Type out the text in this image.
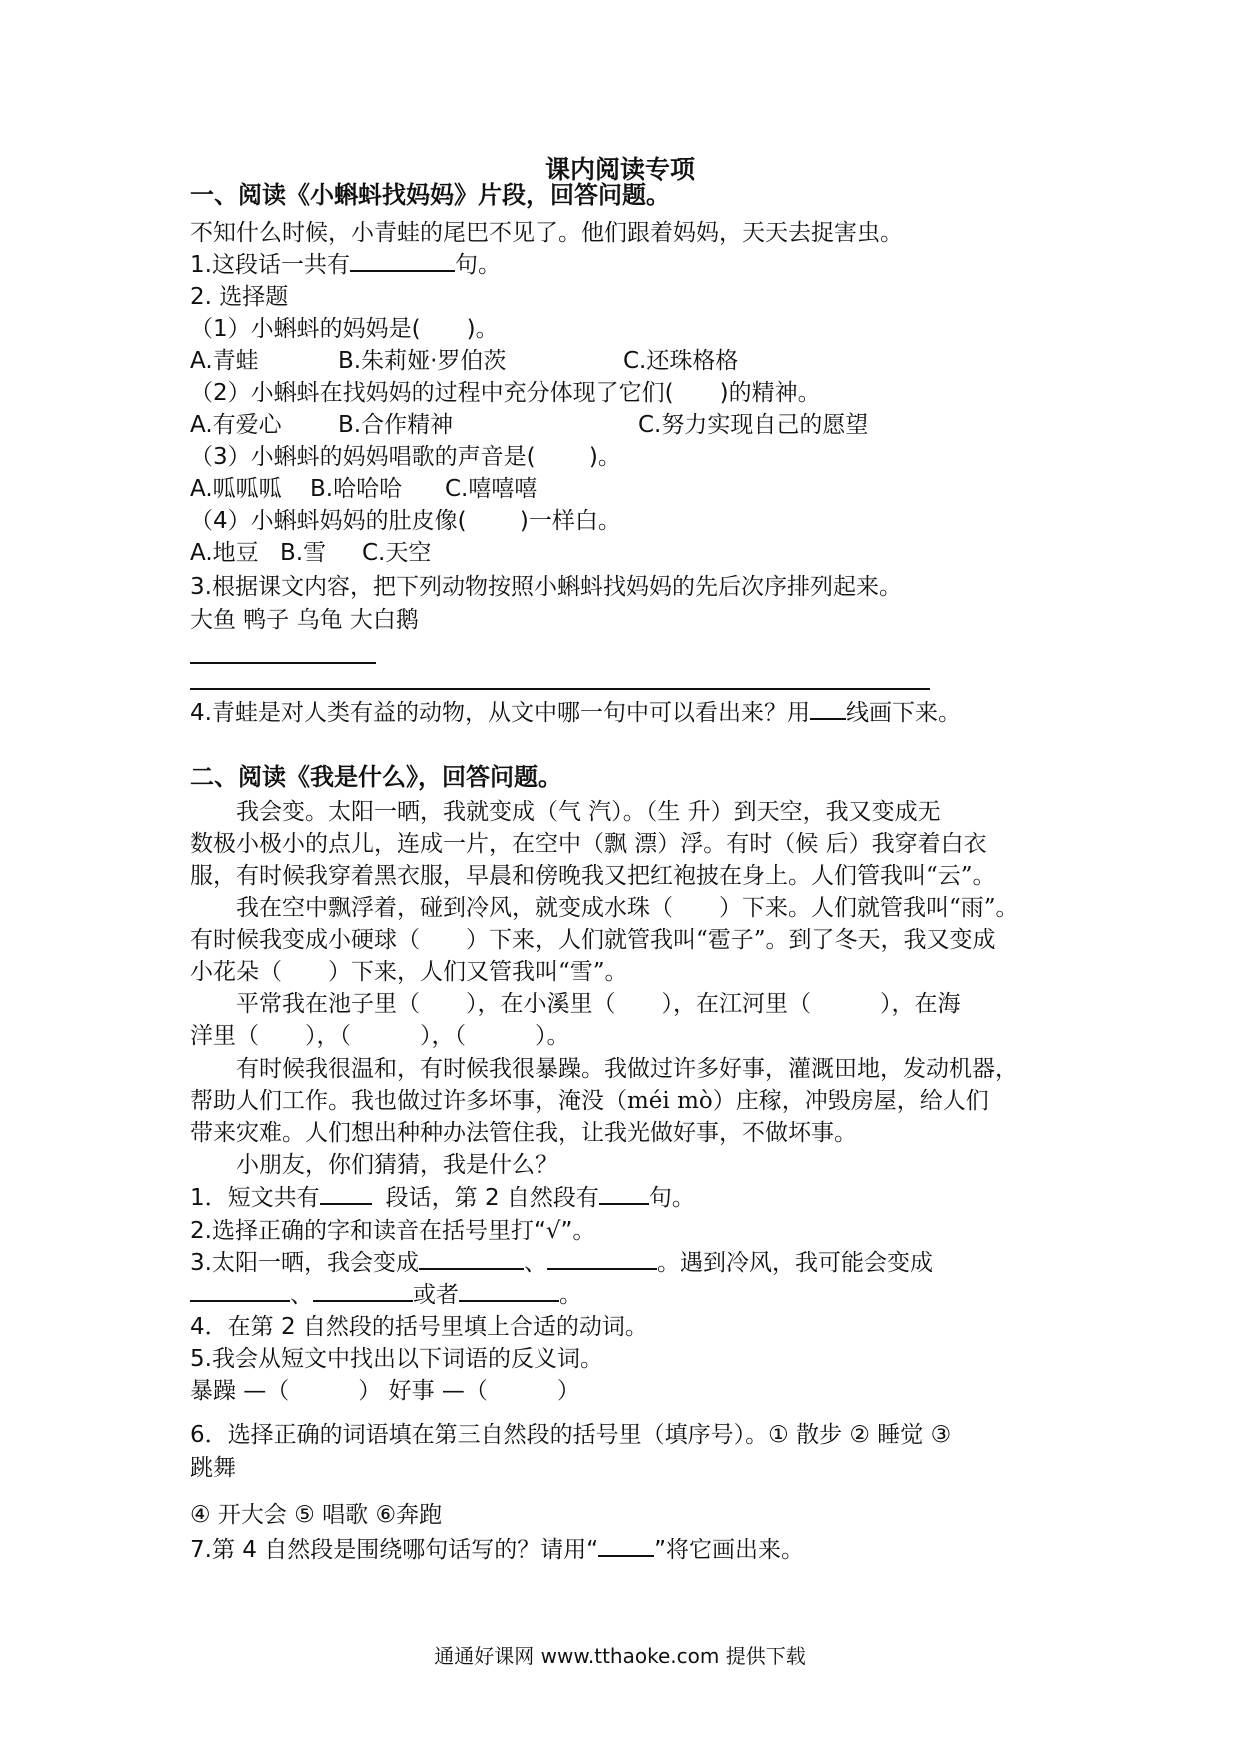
课内阅读专项
一、阅读《小蝌蚪找妈妈》片段，回答问题。
不知什么时候，小青蛙的尾巴不见了。他们跟着妈妈，天天去捉害虫。
1.这段话一共有	句。
2. 选择题
（1）小蝌蚪的妈妈是(　　)。
A.青蛙	B.朱莉娅·罗伯茨	C.还珠格格
（2）小蝌蚪在找妈妈的过程中充分体现了它们(　　)的精神。
A.有爱心 B.合作精神	C.努力实现自己的愿望
（3）小蝌蚪的妈妈唱歌的声音是(　　 )。
A.呱呱呱 B.哈哈哈 C.嘻嘻嘻
（4）小蝌蚪妈妈的肚皮像(　　 )一样白。
A.地豆 B.雪 C.天空
3.根据课文内容，把下列动物按照小蝌蚪找妈妈的先后次序排列起来。
大鱼 鸭子 乌龟 大白鹅
4.青蛙是对人类有益的动物，从文中哪一句中可以看出来？用 线画下来。
二、阅读《我是什么》，回答问题。
　　我会变。太阳一晒，我就变成（气 汽）。（生 升）到天空，我又变成无
数极小极小的点儿，连成一片，在空中（飘 漂）浮。有时（候 后）我穿着白衣
服，有时候我穿着黑衣服，早晨和傍晚我又把红袍披在身上。人们管我叫“云”。
　　我在空中飘浮着，碰到冷风，就变成水珠（　　）下来。人们就管我叫“雨”。
有时候我变成小硬球（　　）下来，人们就管我叫“雹子”。到了冬天，我又变成
小花朵（　　）下来，人们又管我叫“雪”。
　　平常我在池子里（　　），在小溪里（　　），在江河里（　　　），在海
洋里（　　），（　　　），（　　　）。
　　有时候我很温和，有时候我很暴躁。我做过许多好事，灌溉田地，发动机器，
帮助人们工作。我也做过许多坏事，淹没（méi mò）庄稼，冲毁房屋，给人们
带来灾难。人们想出种种办法管住我，让我光做好事，不做坏事。
　　小朋友，你们猜猜，我是什么？
1．短文共有	段话，第 2 自然段有 句。
2.选择正确的字和读音在括号里打“√”。
3.太阳一晒，我会变成	、	。遇到冷风，我可能会变成
、	或者	。
4．在第 2 自然段的括号里填上合适的动词。
5.我会从短文中找出以下词语的反义词。
暴躁 —（　　　） 好事 —（　　　）
6．选择正确的词语填在第三自然段的括号里（填序号）。① 散步 ② 睡觉 ③
跳舞
④ 开大会 ⑤ 唱歌 ⑥奔跑
7.第 4 自然段是围绕哪句话写的？请用“ ”将它画出来。
通通好课网 www.tthaoke.com 提供下载
